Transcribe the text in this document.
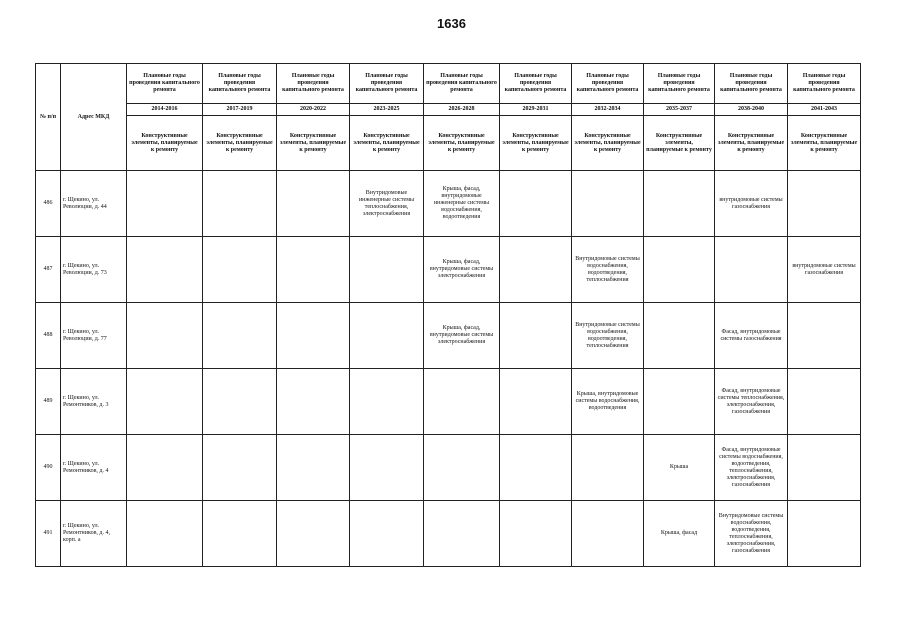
1636
№ п/п	Адрес МКД	Плановые годы проведения капитального ремонта	Плановые годы проведения капитального ремонта	Плановые годы проведения капитального ремонта	Плановые годы проведения капитального ремонта	Плановые годы проведения капитального ремонта	Плановые годы проведения капитального ремонта	Плановые годы проведения капитального ремонта	Плановые годы проведения капитального ремонта	Плановые годы проведения капитального ремонта	Плановые годы проведения капитального ремонта
		2014-2016	2017-2019	2020-2022	2023-2025	2026-2028	2029-2031	2032-2034	2035-2037	2038-2040	2041-2043
		Конструктивные элементы, планируемые к ремонту	Конструктивные элементы, планируемые к ремонту	Конструктивные элементы, планируемые к ремонту	Конструктивные элементы, планируемые к ремонту	Конструктивные элементы, планируемые к ремонту	Конструктивные элементы, планируемые к ремонту	Конструктивные элементы, планируемые к ремонту	Конструктивные элементы, планируемые к ремонту	Конструктивные элементы, планируемые к ремонту	Конструктивные элементы, планируемые к ремонту
486	г. Щекино, ул. Революции, д. 44				Внутридомовые инженерные системы теплоснабжения, электроснабжения	Крыша, фасад, внутридомовые инженерные системы водоснабжения, водоотведения				внутридомовые системы газоснабжения	
487	г. Щекино, ул. Революции, д. 73					Крыша, фасад, внутридомовые системы электроснабжения		Внутридомовые системы водоснабжения, водоотведения, теплоснабжения			внутридомовые системы газоснабжения
488	г. Щекино, ул. Революции, д. 77					Крыша, фасад, внутридомовые системы электроснабжения		Внутридомовые системы водоснабжения, водоотведения, теплоснабжения		Фасад, внутридомовые системы газоснабжения	
489	г. Щекино, ул. Ремонтников, д. 3							Крыша, внутридомовые системы водоснабжения, водоотведения		Фасад, внутридомовые системы теплоснабжения, электроснабжения, газоснабжения	
490	г. Щекино, ул. Ремонтников, д. 4								Крыша	Фасад, внутридомовые системы водоснабжения, водоотведения, теплоснабжения, электроснабжения, газоснабжения	
491	г. Щекино, ул. Ремонтников, д. 4, корп. а								Крыша, фасад	Внутридомовые системы водоснабжения, водоотведения, теплоснабжения, электроснабжения, газоснабжения	
